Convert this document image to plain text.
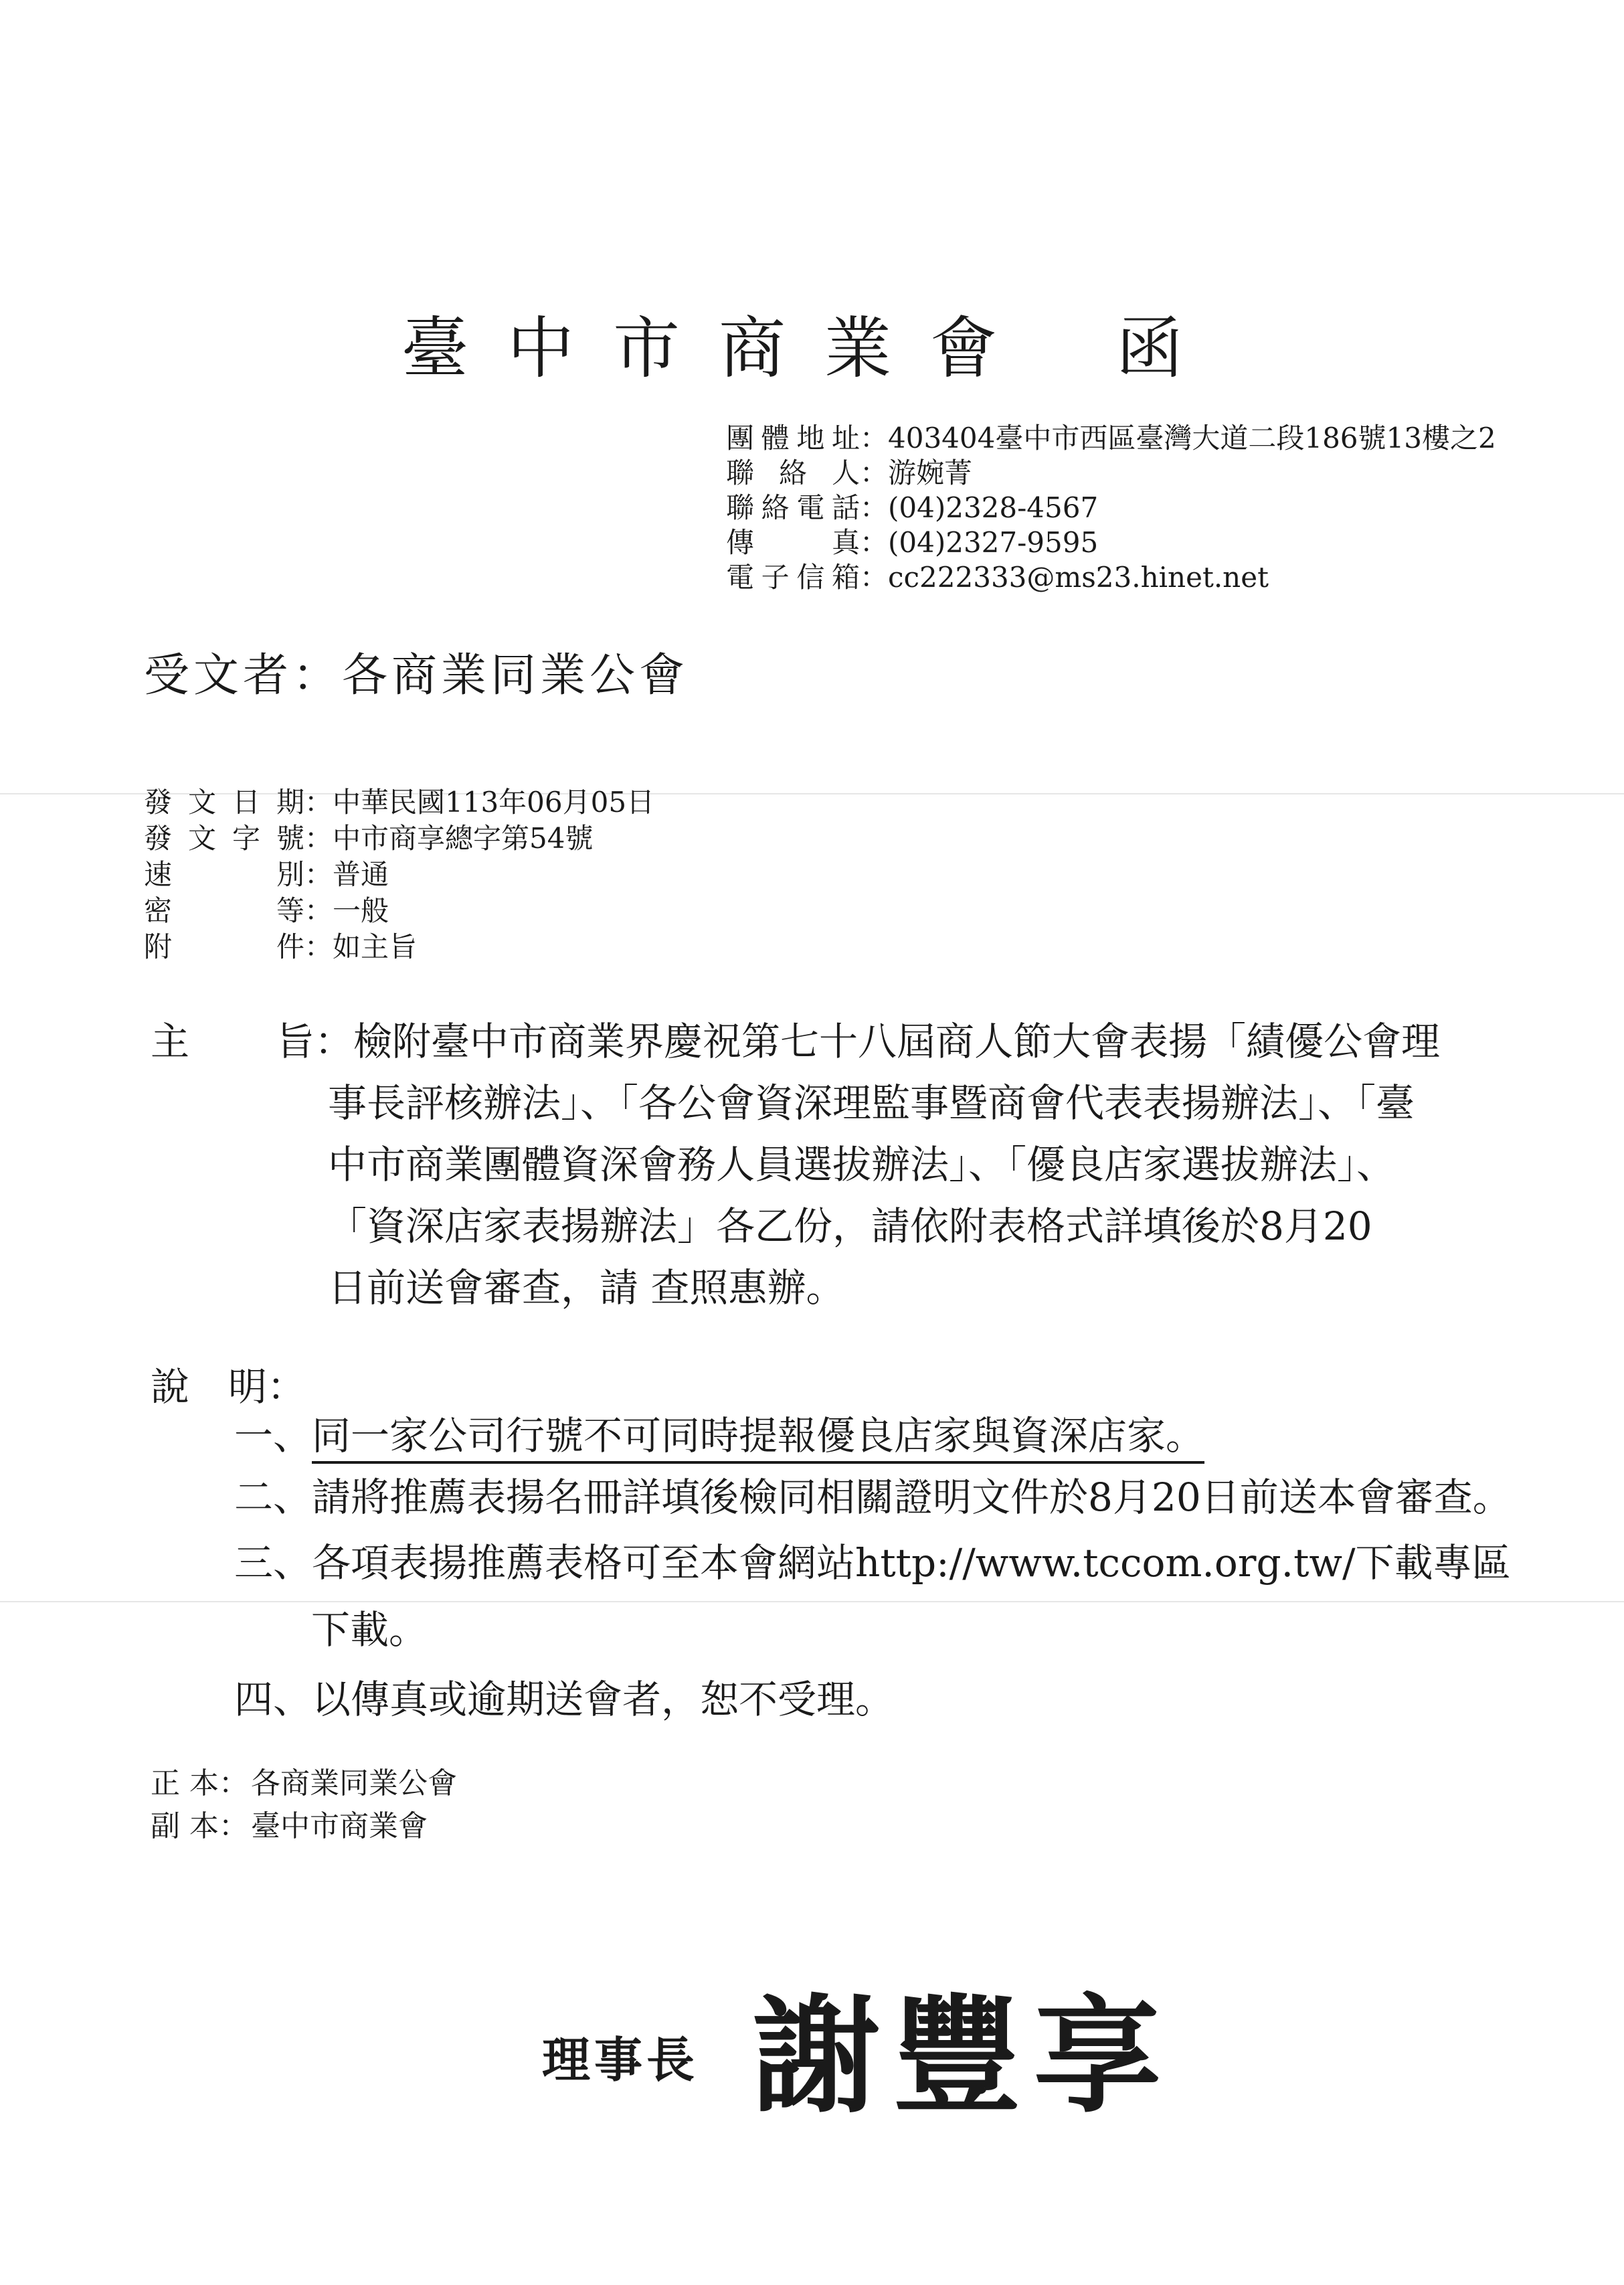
臺中市商業會 函
團體地址：403404臺中市西區臺灣大道二段186號13樓之2
聯絡人：游婉菁
聯絡電話：(04)2328-4567
傳真：(04)2327-9595
電子信箱：cc222333@ms23.hinet.net
受文者：各商業同業公會
發文日期：中華民國113年06月05日
發文字號：中市商享總字第54號
速別：普通
密等：一般
附件：如主旨
主旨：檢附臺中市商業界慶祝第七十八屆商人節大會表揚「績優公會理
事長評核辦法」、「各公會資深理監事暨商會代表表揚辦法」、「臺
中市商業團體資深會務人員選拔辦法」、「優良店家選拔辦法」、
「資深店家表揚辦法」各乙份，請依附表格式詳填後於8月20
日前送會審查，請 查照惠辦。
說　明：
一、同一家公司行號不可同時提報優良店家與資深店家。
二、請將推薦表揚名冊詳填後檢同相關證明文件於8月20日前送本會審查。
三、各項表揚推薦表格可至本會網站http://www.tccom.org.tw/下載專區
下載。
四、以傳真或逾期送會者，恕不受理。
正 本：各商業同業公會
副 本：臺中市商業會
理事長 謝豐享
